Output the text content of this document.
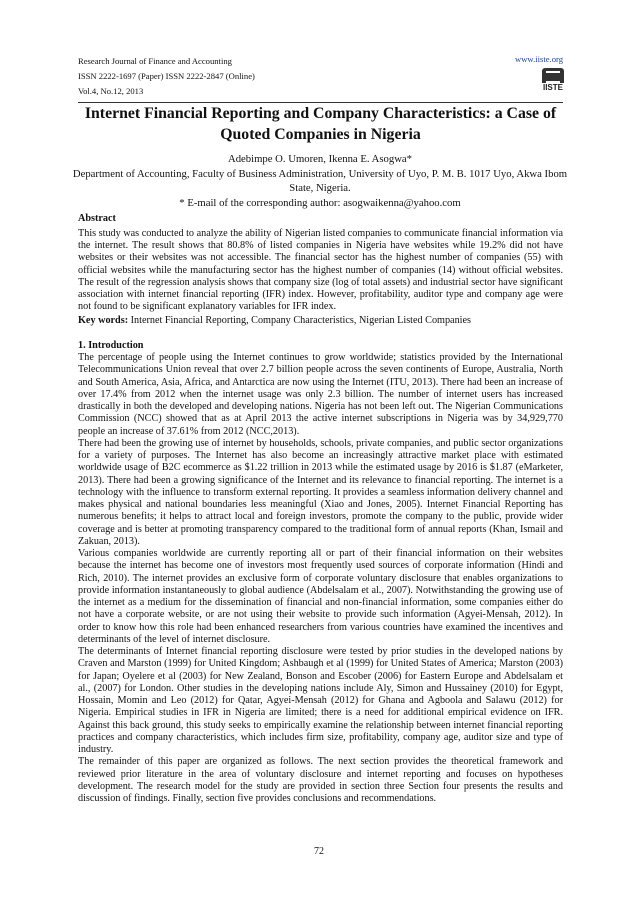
Research Journal of Finance and Accounting
ISSN 2222-1697 (Paper) ISSN 2222-2847 (Online)
Vol.4, No.12, 2013
www.iiste.org
IISTE
Internet Financial Reporting and Company Characteristics: a Case of Quoted Companies in Nigeria
Adebimpe O. Umoren, Ikenna E. Asogwa*
Department of Accounting, Faculty of Business Administration, University of Uyo, P. M. B. 1017 Uyo, Akwa Ibom State, Nigeria.
* E-mail of the corresponding author: asogwaikenna@yahoo.com
Abstract

This study was conducted to analyze the ability of Nigerian listed companies to communicate financial information via the internet. The result shows that 80.8% of listed companies in Nigeria have websites while 19.2% did not have websites or their websites was not accessible. The financial sector has the highest number of companies (55) with official websites while the manufacturing sector has the highest number of companies (14) without official websites. The result of the regression analysis shows that company size (log of total assets) and industrial sector have significant association with internet financial reporting (IFR) index. However, profitability, auditor type and company age were not found to be significant explanatory variables for IFR index.

Key words: Internet Financial Reporting, Company Characteristics, Nigerian Listed Companies

1. Introduction

The percentage of people using the Internet continues to grow worldwide; statistics provided by the International Telecommunications Union reveal that over 2.7 billion people across the seven continents of Europe, Australia, North and South America, Asia, Africa, and Antarctica are now using the Internet (ITU, 2013). There had been an increase of over 17.4% from 2012 when the internet usage was only 2.3 billion. The number of internet users has increased drastically in both the developed and developing nations. Nigeria has not been left out. The Nigerian Communications Commission (NCC) showed that as at April 2013 the active internet subscriptions in Nigeria was by 34,929,770 people an increase of 37.61% from 2012 (NCC,2013).

There had been the growing use of internet by households, schools, private companies, and public sector organizations for a variety of purposes. The Internet has also become an increasingly attractive market place with estimated worldwide usage of B2C ecommerce as $1.22 trillion in 2013 while the estimated usage by 2016 is $1.87 (eMarketer, 2013). There had been a growing significance of the Internet and its relevance to financial reporting. The internet is a technology with the influence to transform external reporting. It provides a seamless information delivery channel and makes physical and national boundaries less meaningful (Xiao and Jones, 2005). Internet Financial Reporting has numerous benefits; it helps to attract local and foreign investors, promote the company to the public, provide wider coverage and is better at promoting transparency compared to the traditional form of annual reports (Khan, Ismail and Zakuan, 2013).

Various companies worldwide are currently reporting all or part of their financial information on their websites because the internet has become one of investors most frequently used sources of corporate information (Hindi and Rich, 2010). The internet provides an exclusive form of corporate voluntary disclosure that enables organizations to provide information instantaneously to global audience (Abdelsalam et al., 2007). Notwithstanding the growing use of the internet as a medium for the dissemination of financial and non-financial information, some companies either do not have a corporate website, or are not using their website to provide such information (Agyei-Mensah, 2012). In order to know how this role had been enhanced researchers from various countries have examined the incentives and determinants of the level of internet disclosure.

The determinants of Internet financial reporting disclosure were tested by prior studies in the developed nations by Craven and Marston (1999) for United Kingdom; Ashbaugh et al (1999) for United States of America; Marston (2003) for Japan; Oyelere et al (2003) for New Zealand, Bonson and Escober (2006) for Eastern Europe and Abdelsalam et al., (2007) for London. Other studies in the developing nations include Aly, Simon and Hussainey (2010) for Egypt, Hossain, Momin and Leo (2012) for Qatar, Agyei-Mensah (2012) for Ghana and Agboola and Salawu (2012) for Nigeria. Empirical studies in IFR in Nigeria are limited; there is a need for additional empirical evidence on IFR. Against this back ground, this study seeks to empirically examine the relationship between internet financial reporting practices and company characteristics, which includes firm size, profitability, company age, auditor size and type of industry.

The remainder of this paper are organized as follows. The next section provides the theoretical framework and reviewed prior literature in the area of voluntary disclosure and internet reporting and focuses on hypotheses development. The research model for the study are provided in section three Section four presents the results and discussion of findings. Finally, section five provides conclusions and recommendations.

72
